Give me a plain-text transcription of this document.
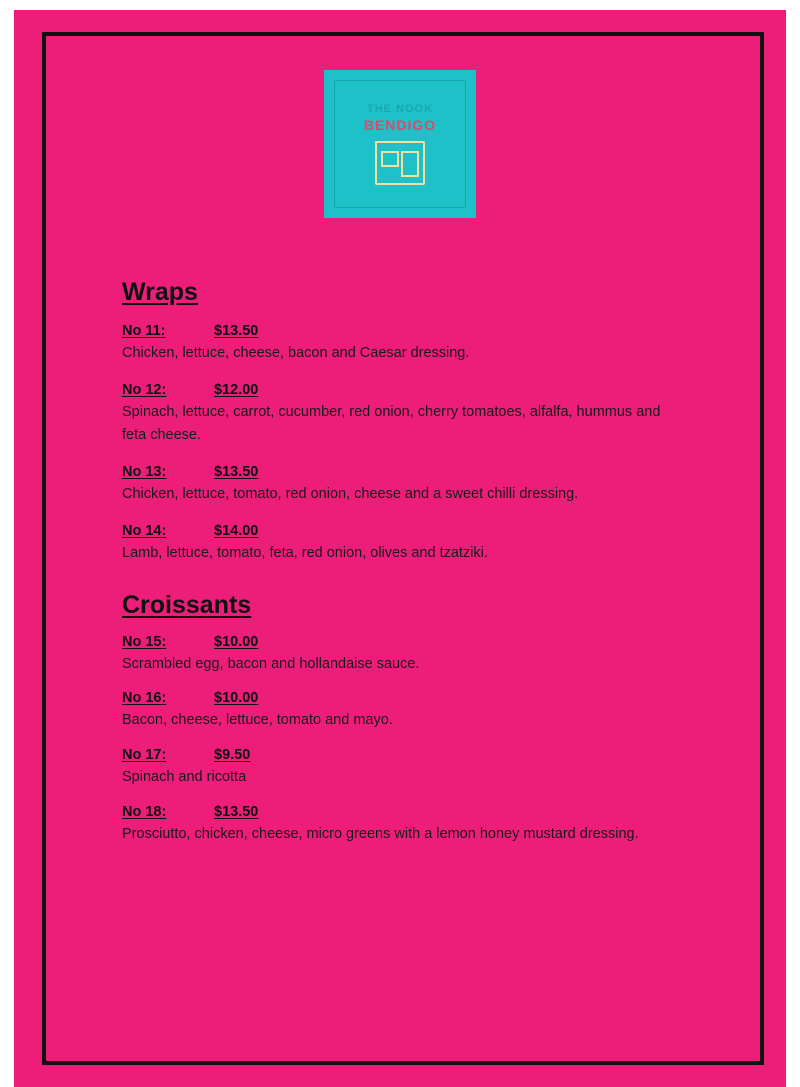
THE NOOK
BENDIGO
Wraps
No 11:	$13.50
Chicken, lettuce, cheese, bacon and Caesar dressing.
No 12:	$12.00
Spinach, lettuce, carrot, cucumber, red onion, cherry tomatoes, alfalfa, hummus and feta cheese.
No 13:	$13.50
Chicken, lettuce, tomato, red onion, cheese and a sweet chilli dressing.
No 14:	$14.00
Lamb, lettuce, tomato, feta, red onion, olives and tzatziki.
Croissants
No 15:	$10.00
Scrambled egg, bacon and hollandaise sauce.
No 16:	$10.00
Bacon, cheese, lettuce, tomato and mayo.
No 17:	$9.50
Spinach and ricotta
No 18:	$13.50
Prosciutto, chicken, cheese, micro greens with a lemon honey mustard dressing.
